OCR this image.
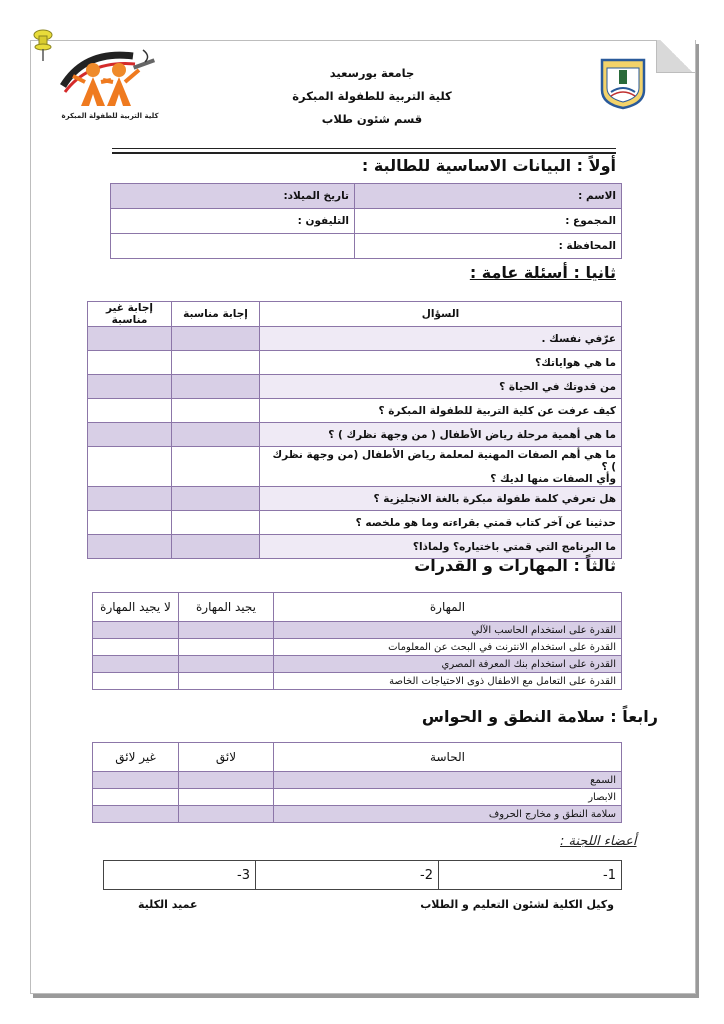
كلية التربية للطفولة المبكرة
جامعة بورسعيد
كلية التربية للطفولة المبكرة
قسم شئون طلاب
أولاً : البيانات الاساسية للطالبة :
الاسم :	تاريخ الميلاد:
المجموع :	التليفون :
المحافظة :	
ثانيا : أسئلة عامة :
السؤال	إجابة مناسبة	إجابة غير مناسبة
عرّفي نفسك .		
ما هي هواياتك؟		
من قدوتك في الحياة ؟		
كيف عرفت عن كلية التربية للطفولة المبكرة ؟		
ما هي أهمية مرحلة رياض الأطفال ( من وجهة نظرك ) ؟		

ما هي أهم الصفات المهنية لمعلمة رياض الأطفال (من وجهة نظرك ) ؟
وأي الصفات منها لديك ؟		

هل تعرفي كلمة طفولة مبكرة بالغة الانجليزية ؟		
حدثينا عن آخر كتاب قمتي بقراءته وما هو ملخصه ؟		
ما البرنامج التي قمتي باختياره؟ ولماذا؟		
ثالثاً : المهارات و القدرات
المهارة	يجيد المهارة	لا يجيد المهارة
القدرة على استخدام الحاسب الآلي		
القدرة على استخدام الانترنت في البحث عن المعلومات		
القدرة على استخدام بنك المعرفة المصري		
القدرة على التعامل مع الاطفال ذوى الاحتياجات الخاصة		
رابعاً : سلامة النطق و الحواس
الحاسة	لائق	غير لائق
السمع		
الابصار		
سلامة النطق و مخارج الحروف		
أعضاء اللجنة :
1-	2-	3-
وكيل الكلية لشئون التعليم و الطلاب
عميد الكلية
